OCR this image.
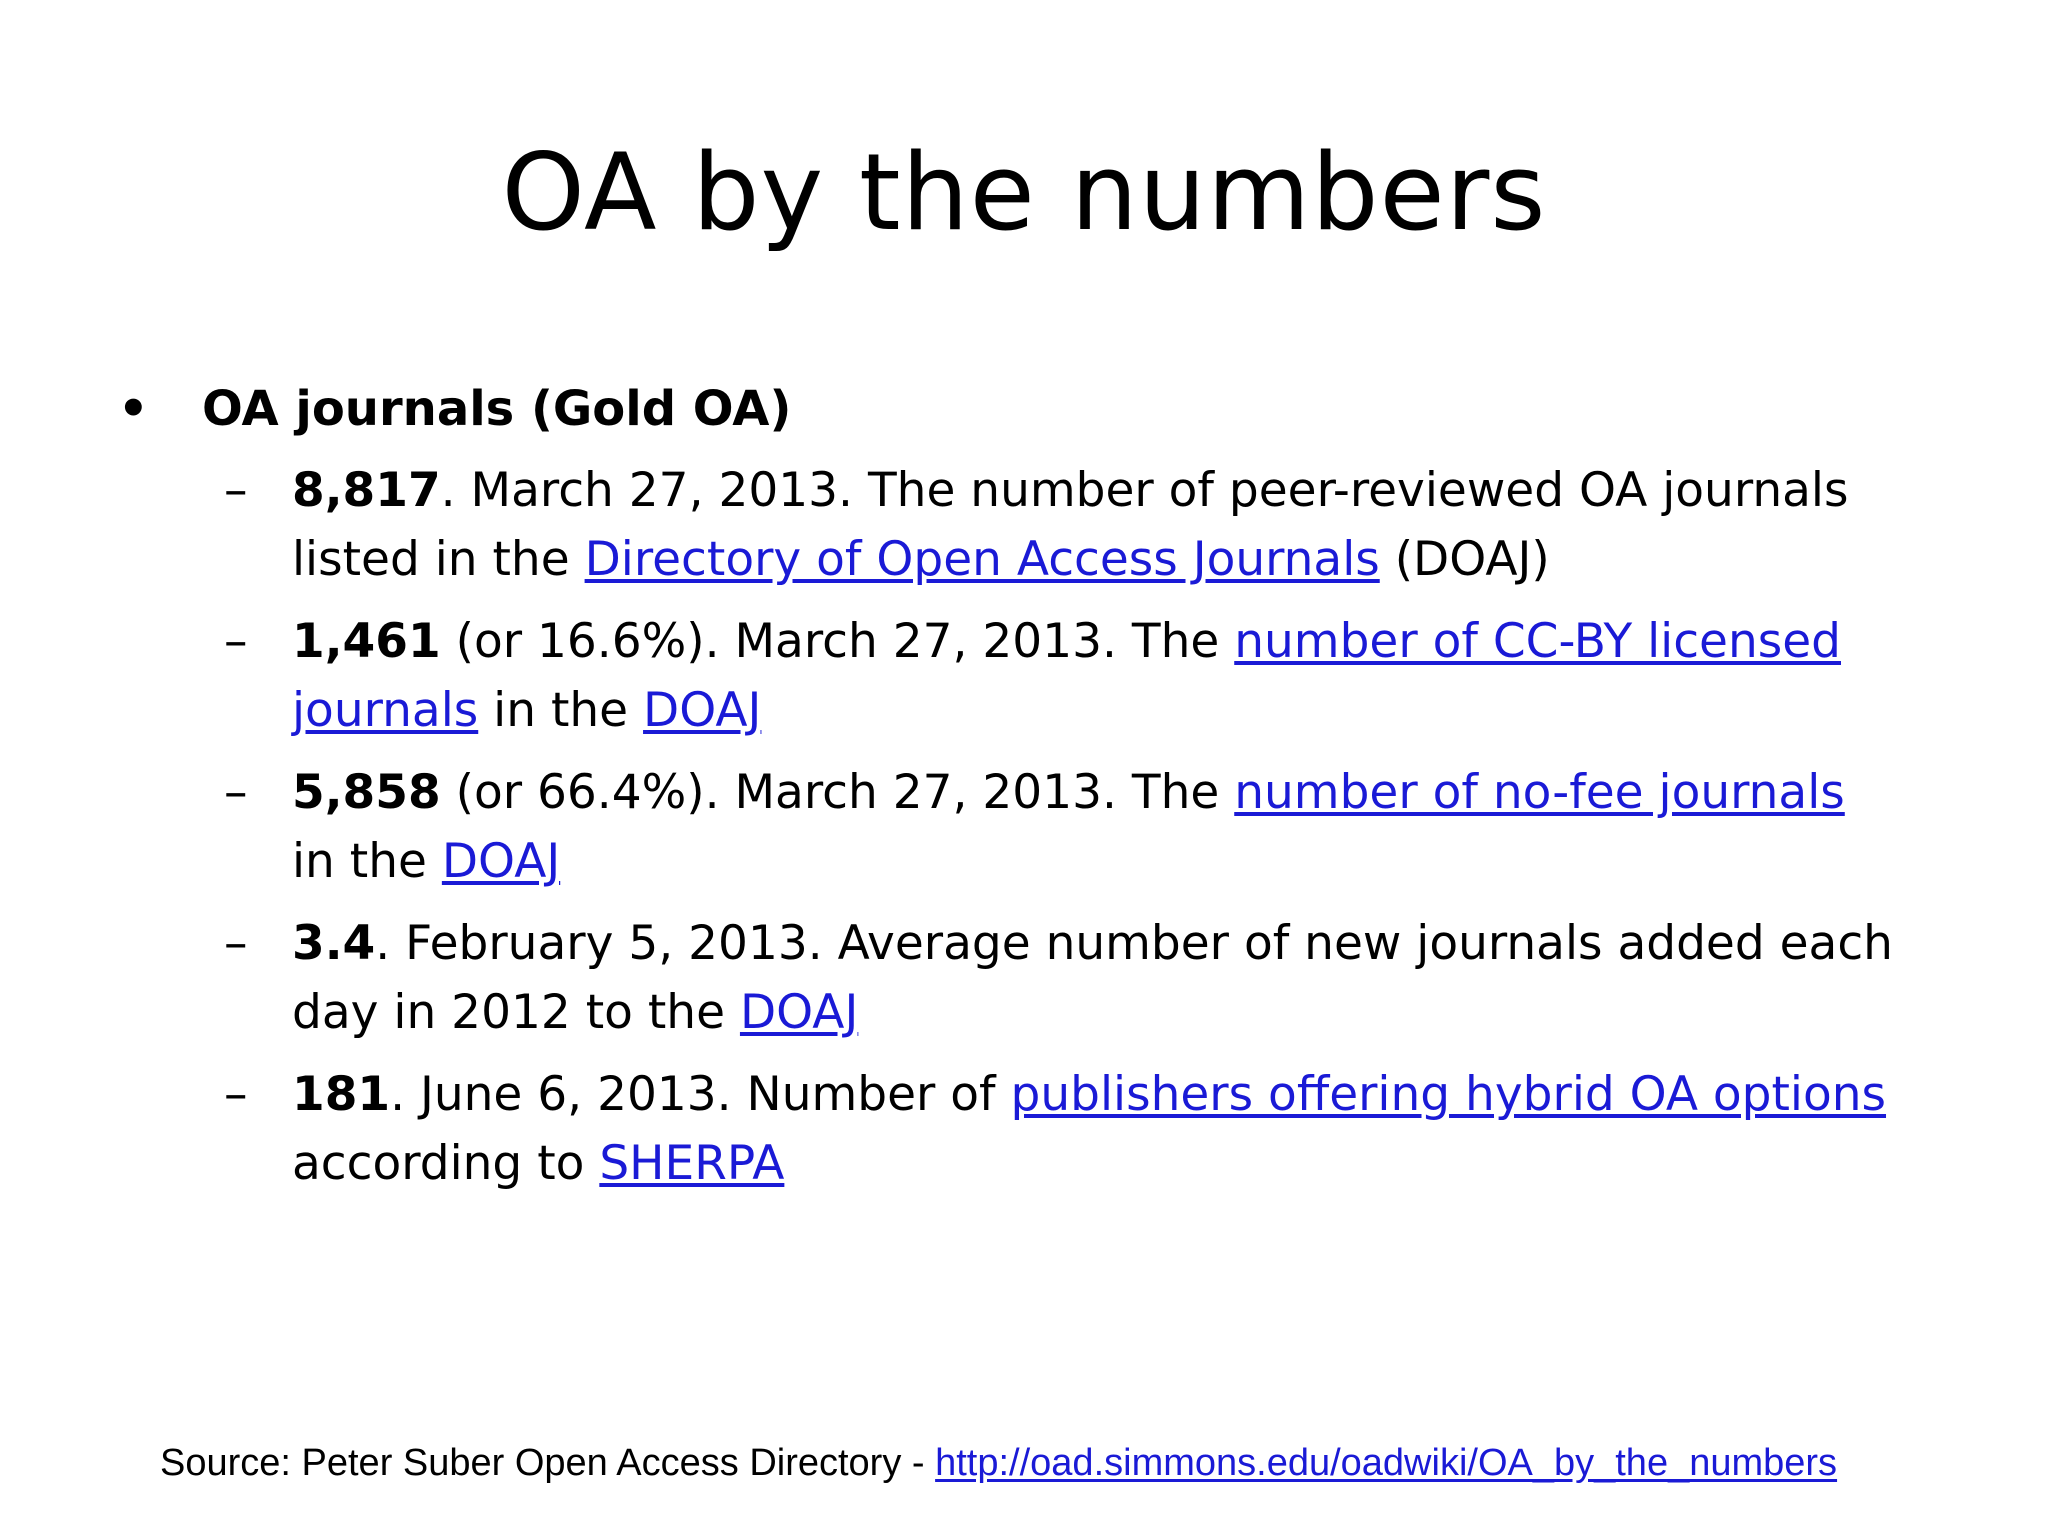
OA by the numbers
• OA journals (Gold OA)
– 8,817. March 27, 2013. The number of peer-reviewed OA journals listed in the Directory of Open Access Journals (DOAJ)
– 1,461 (or 16.6%). March 27, 2013. The number of CC-BY licensed journals in the DOAJ
– 5,858 (or 66.4%). March 27, 2013. The number of no-fee journals in the DOAJ
– 3.4. February 5, 2013. Average number of new journals added each day in 2012 to the DOAJ
– 181. June 6, 2013. Number of publishers offering hybrid OA options according to SHERPA
Source: Peter Suber Open Access Directory - http://oad.simmons.edu/oadwiki/OA_by_the_numbers
